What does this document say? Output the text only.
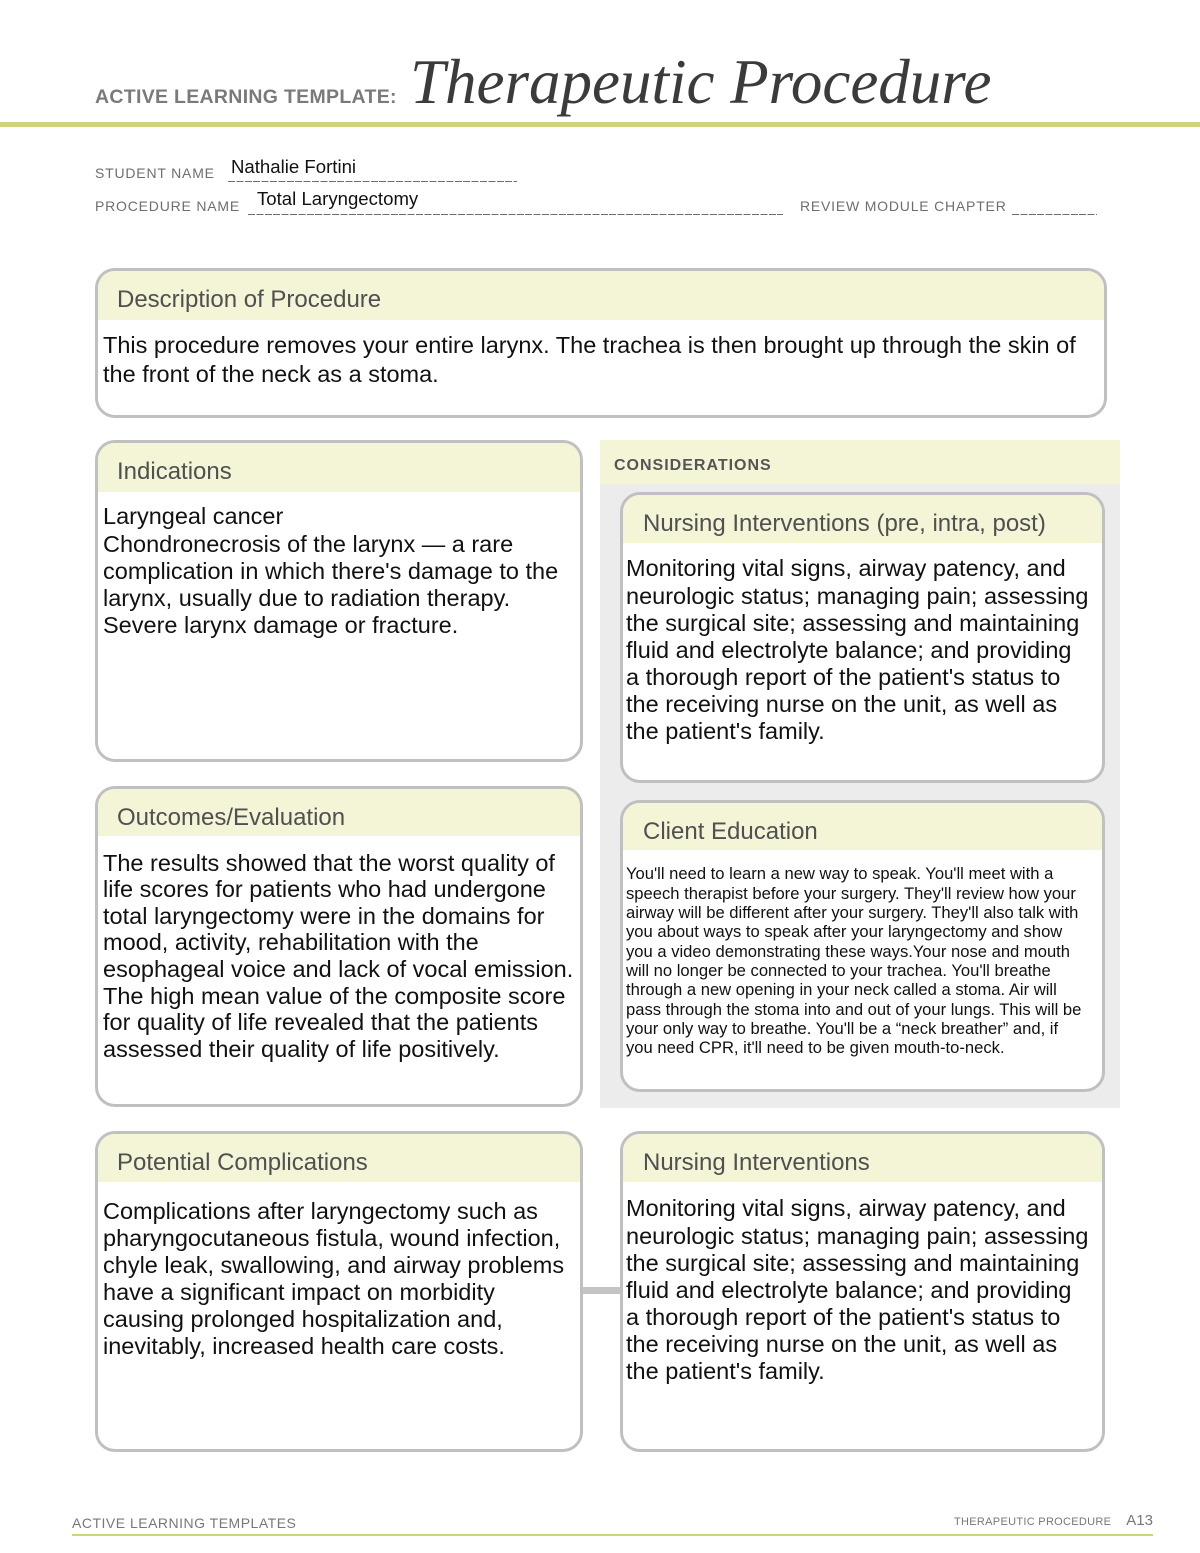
ACTIVE LEARNING TEMPLATE: Therapeutic Procedure
STUDENT NAME Nathalie Fortini
PROCEDURE NAME Total Laryngectomy	REVIEW MODULE CHAPTER
Description of Procedure
This procedure removes your entire larynx. The trachea is then brought up through the skin of
the front of the neck as a stoma.
Indications
Laryngeal cancer
Chondronecrosis of the larynx — a rare
complication in which there's damage to the
larynx, usually due to radiation therapy.
Severe larynx damage or fracture.
Outcomes/Evaluation
The results showed that the worst quality of
life scores for patients who had undergone
total laryngectomy were in the domains for
mood, activity, rehabilitation with the
esophageal voice and lack of vocal emission.
The high mean value of the composite score
for quality of life revealed that the patients
assessed their quality of life positively.
CONSIDERATIONS
Nursing Interventions (pre, intra, post)
Monitoring vital signs, airway patency, and
neurologic status; managing pain; assessing
the surgical site; assessing and maintaining
fluid and electrolyte balance; and providing
a thorough report of the patient's status to
the receiving nurse on the unit, as well as
the patient's family.
Client Education
You'll need to learn a new way to speak. You'll meet with a
speech therapist before your surgery. They'll review how your
airway will be different after your surgery. They'll also talk with
you about ways to speak after your laryngectomy and show
you a video demonstrating these ways.Your nose and mouth
will no longer be connected to your trachea. You'll breathe
through a new opening in your neck called a stoma. Air will
pass through the stoma into and out of your lungs. This will be
your only way to breathe. You'll be a “neck breather” and, if
you need CPR, it'll need to be given mouth-to-neck.
Potential Complications
Complications after laryngectomy such as
pharyngocutaneous fistula, wound infection,
chyle leak, swallowing, and airway problems
have a significant impact on morbidity
causing prolonged hospitalization and,
inevitably, increased health care costs.
Nursing Interventions
Monitoring vital signs, airway patency, and
neurologic status; managing pain; assessing
the surgical site; assessing and maintaining
fluid and electrolyte balance; and providing
a thorough report of the patient's status to
the receiving nurse on the unit, as well as
the patient's family.
ACTIVE LEARNING TEMPLATES	THERAPEUTIC PROCEDURE A13
